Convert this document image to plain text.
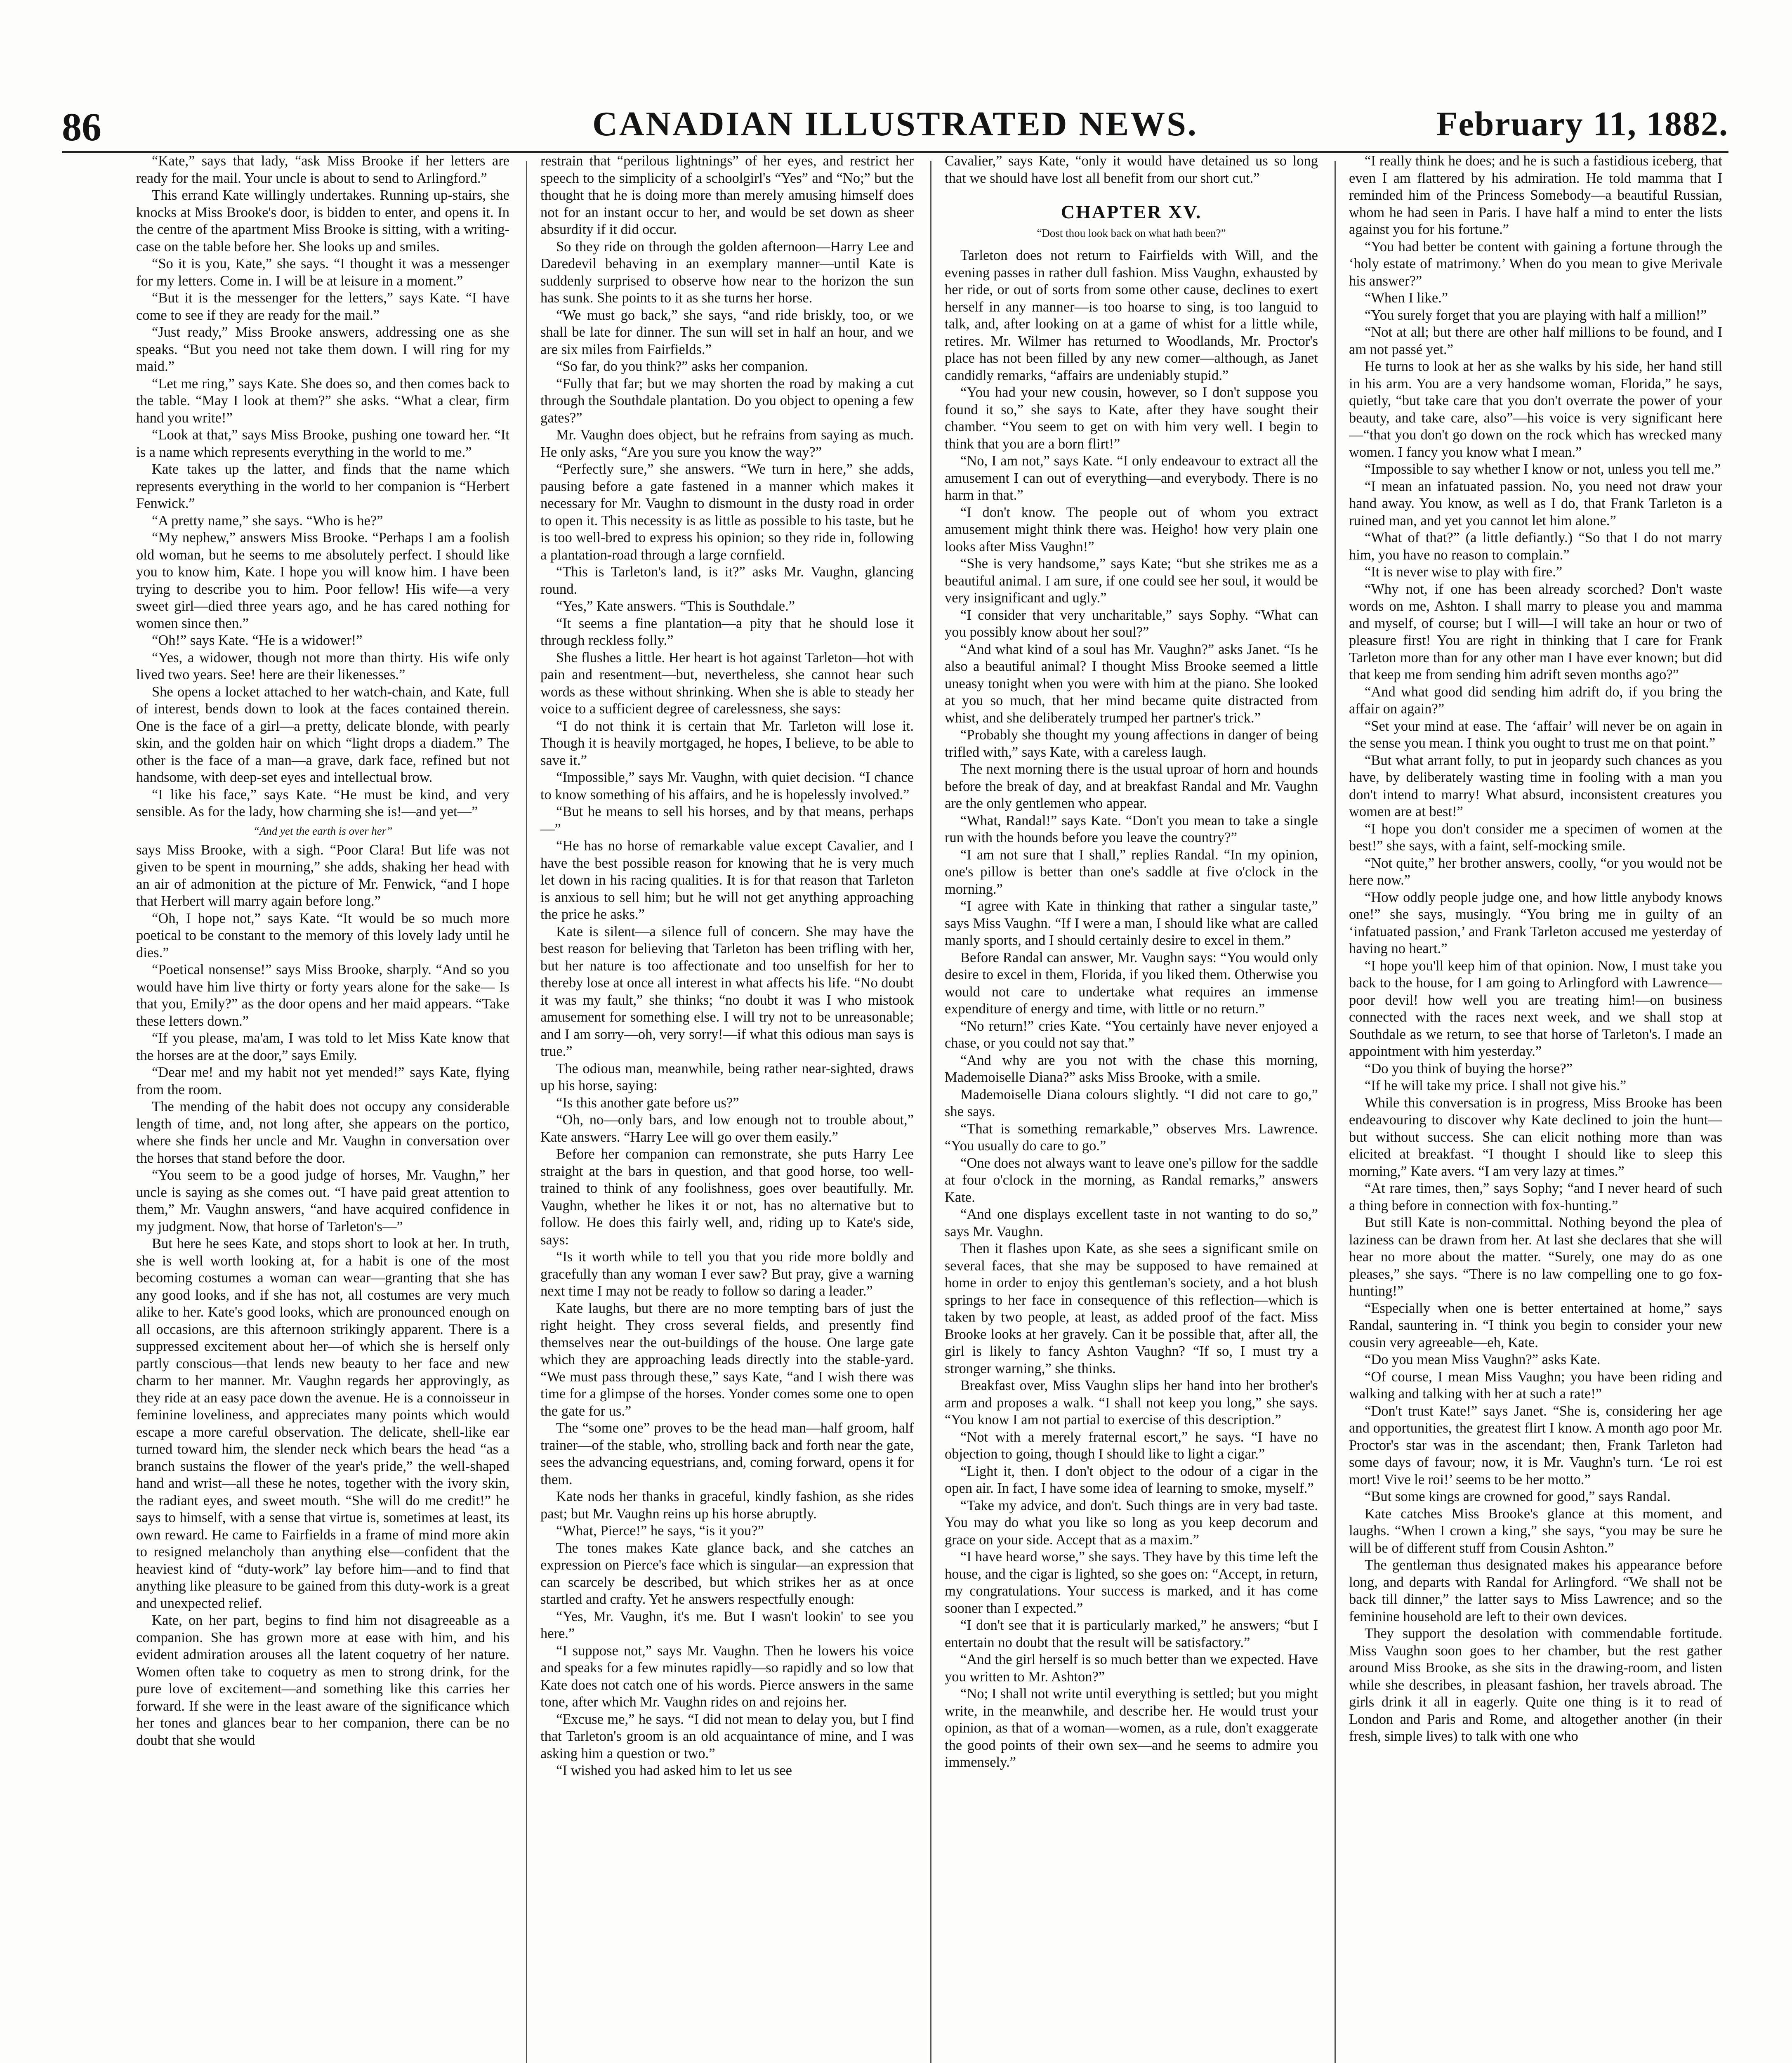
86	CANADIAN ILLUSTRATED NEWS.	February 11, 1882.

“Kate,” says that lady, “ask Miss Brooke if her letters are ready for the mail. Your uncle is about to send to Arlingford.”

This errand Kate willingly undertakes. Running up-stairs, she knocks at Miss Brooke's door, is bidden to enter, and opens it. In the centre of the apartment Miss Brooke is sitting, with a writing-case on the table before her. She looks up and smiles.

“So it is you, Kate,” she says. “I thought it was a messenger for my letters. Come in. I will be at leisure in a moment.”

“But it is the messenger for the letters,” says Kate. “I have come to see if they are ready for the mail.”

“Just ready,” Miss Brooke answers, addressing one as she speaks. “But you need not take them down. I will ring for my maid.”

“Let me ring,” says Kate. She does so, and then comes back to the table. “May I look at them?” she asks. “What a clear, firm hand you write!”

“Look at that,” says Miss Brooke, pushing one toward her. “It is a name which represents everything in the world to me.”

Kate takes up the latter, and finds that the name which represents everything in the world to her companion is “Herbert Fenwick.”

“A pretty name,” she says. “Who is he?”

“My nephew,” answers Miss Brooke. “Perhaps I am a foolish old woman, but he seems to me absolutely perfect. I should like you to know him, Kate. I hope you will know him. I have been trying to describe you to him. Poor fellow! His wife—a very sweet girl—died three years ago, and he has cared nothing for women since then.”

“Oh!” says Kate. “He is a widower!”

“Yes, a widower, though not more than thirty. His wife only lived two years. See! here are their likenesses.”

She opens a locket attached to her watch-chain, and Kate, full of interest, bends down to look at the faces contained therein. One is the face of a girl—a pretty, delicate blonde, with pearly skin, and the golden hair on which “light drops a diadem.” The other is the face of a man—a grave, dark face, refined but not handsome, with deep-set eyes and intellectual brow.

“I like his face,” says Kate. “He must be kind, and very sensible. As for the lady, how charming she is!—and yet—”

“And yet the earth is over her”

says Miss Brooke, with a sigh. “Poor Clara! But life was not given to be spent in mourning,” she adds, shaking her head with an air of admonition at the picture of Mr. Fenwick, “and I hope that Herbert will marry again before long.”

“Oh, I hope not,” says Kate. “It would be so much more poetical to be constant to the memory of this lovely lady until he dies.”

“Poetical nonsense!” says Miss Brooke, sharply. “And so you would have him live thirty or forty years alone for the sake— Is that you, Emily?” as the door opens and her maid appears. “Take these letters down.”

“If you please, ma'am, I was told to let Miss Kate know that the horses are at the door,” says Emily.

“Dear me! and my habit not yet mended!” says Kate, flying from the room.

The mending of the habit does not occupy any considerable length of time, and, not long after, she appears on the portico, where she finds her uncle and Mr. Vaughn in conversation over the horses that stand before the door.

“You seem to be a good judge of horses, Mr. Vaughn,” her uncle is saying as she comes out. “I have paid great attention to them,” Mr. Vaughn answers, “and have acquired confidence in my judgment. Now, that horse of Tarleton's—”

But here he sees Kate, and stops short to look at her. In truth, she is well worth looking at, for a habit is one of the most becoming costumes a woman can wear—granting that she has any good looks, and if she has not, all costumes are very much alike to her. Kate's good looks, which are pronounced enough on all occasions, are this afternoon strikingly apparent. There is a suppressed excitement about her—of which she is herself only partly conscious—that lends new beauty to her face and new charm to her manner. Mr. Vaughn regards her approvingly, as they ride at an easy pace down the avenue. He is a connoisseur in feminine loveliness, and appreciates many points which would escape a more careful observation. The delicate, shell-like ear turned toward him, the slender neck which bears the head “as a branch sustains the flower of the year's pride,” the well-shaped hand and wrist—all these he notes, together with the ivory skin, the radiant eyes, and sweet mouth. “She will do me credit!” he says to himself, with a sense that virtue is, sometimes at least, its own reward. He came to Fairfields in a frame of mind more akin to resigned melancholy than anything else—confident that the heaviest kind of “duty-work” lay before him—and to find that anything like pleasure to be gained from this duty-work is a great and unexpected relief.

Kate, on her part, begins to find him not disagreeable as a companion. She has grown more at ease with him, and his evident admiration arouses all the latent coquetry of her nature. Women often take to coquetry as men to strong drink, for the pure love of excitement—and something like this carries her forward. If she were in the least aware of the significance which her tones and glances bear to her companion, there can be no doubt that she would

restrain that “perilous lightnings” of her eyes, and restrict her speech to the simplicity of a schoolgirl's “Yes” and “No;” but the thought that he is doing more than merely amusing himself does not for an instant occur to her, and would be set down as sheer absurdity if it did occur.

So they ride on through the golden afternoon—Harry Lee and Daredevil behaving in an exemplary manner—until Kate is suddenly surprised to observe how near to the horizon the sun has sunk. She points to it as she turns her horse.

“We must go back,” she says, “and ride briskly, too, or we shall be late for dinner. The sun will set in half an hour, and we are six miles from Fairfields.”

“So far, do you think?” asks her companion.

“Fully that far; but we may shorten the road by making a cut through the Southdale plantation. Do you object to opening a few gates?”

Mr. Vaughn does object, but he refrains from saying as much. He only asks, “Are you sure you know the way?”

“Perfectly sure,” she answers. “We turn in here,” she adds, pausing before a gate fastened in a manner which makes it necessary for Mr. Vaughn to dismount in the dusty road in order to open it. This necessity is as little as possible to his taste, but he is too well-bred to express his opinion; so they ride in, following a plantation-road through a large cornfield.

“This is Tarleton's land, is it?” asks Mr. Vaughn, glancing round.

“Yes,” Kate answers. “This is Southdale.”

“It seems a fine plantation—a pity that he should lose it through reckless folly.”

She flushes a little. Her heart is hot against Tarleton—hot with pain and resentment—but, nevertheless, she cannot hear such words as these without shrinking. When she is able to steady her voice to a sufficient degree of carelessness, she says:

“I do not think it is certain that Mr. Tarleton will lose it. Though it is heavily mortgaged, he hopes, I believe, to be able to save it.”

“Impossible,” says Mr. Vaughn, with quiet decision. “I chance to know something of his affairs, and he is hopelessly involved.”

“But he means to sell his horses, and by that means, perhaps—”

“He has no horse of remarkable value except Cavalier, and I have the best possible reason for knowing that he is very much let down in his racing qualities. It is for that reason that Tarleton is anxious to sell him; but he will not get anything approaching the price he asks.”

Kate is silent—a silence full of concern. She may have the best reason for believing that Tarleton has been trifling with her, but her nature is too affectionate and too unselfish for her to thereby lose at once all interest in what affects his life. “No doubt it was my fault,” she thinks; “no doubt it was I who mistook amusement for something else. I will try not to be unreasonable; and I am sorry—oh, very sorry!—if what this odious man says is true.”

The odious man, meanwhile, being rather near-sighted, draws up his horse, saying:

“Is this another gate before us?”

“Oh, no—only bars, and low enough not to trouble about,” Kate answers. “Harry Lee will go over them easily.”

Before her companion can remonstrate, she puts Harry Lee straight at the bars in question, and that good horse, too well-trained to think of any foolishness, goes over beautifully. Mr. Vaughn, whether he likes it or not, has no alternative but to follow. He does this fairly well, and, riding up to Kate's side, says:

“Is it worth while to tell you that you ride more boldly and gracefully than any woman I ever saw? But pray, give a warning next time I may not be ready to follow so daring a leader.”

Kate laughs, but there are no more tempting bars of just the right height. They cross several fields, and presently find themselves near the out-buildings of the house. One large gate which they are approaching leads directly into the stable-yard. “We must pass through these,” says Kate, “and I wish there was time for a glimpse of the horses. Yonder comes some one to open the gate for us.”

The “some one” proves to be the head man—half groom, half trainer—of the stable, who, strolling back and forth near the gate, sees the advancing equestrians, and, coming forward, opens it for them.

Kate nods her thanks in graceful, kindly fashion, as she rides past; but Mr. Vaughn reins up his horse abruptly.

“What, Pierce!” he says, “is it you?”

The tones makes Kate glance back, and she catches an expression on Pierce's face which is singular—an expression that can scarcely be described, but which strikes her as at once startled and crafty. Yet he answers respectfully enough:

“Yes, Mr. Vaughn, it's me. But I wasn't lookin' to see you here.”

“I suppose not,” says Mr. Vaughn. Then he lowers his voice and speaks for a few minutes rapidly—so rapidly and so low that Kate does not catch one of his words. Pierce answers in the same tone, after which Mr. Vaughn rides on and rejoins her.

“Excuse me,” he says. “I did not mean to delay you, but I find that Tarleton's groom is an old acquaintance of mine, and I was asking him a question or two.”

“I wished you had asked him to let us see

Cavalier,” says Kate, “only it would have detained us so long that we should have lost all benefit from our short cut.”

CHAPTER XV.

“Dost thou look back on what hath been?”

Tarleton does not return to Fairfields with Will, and the evening passes in rather dull fashion. Miss Vaughn, exhausted by her ride, or out of sorts from some other cause, declines to exert herself in any manner—is too hoarse to sing, is too languid to talk, and, after looking on at a game of whist for a little while, retires. Mr. Wilmer has returned to Woodlands, Mr. Proctor's place has not been filled by any new comer—although, as Janet candidly remarks, “affairs are undeniably stupid.”

“You had your new cousin, however, so I don't suppose you found it so,” she says to Kate, after they have sought their chamber. “You seem to get on with him very well. I begin to think that you are a born flirt!”

“No, I am not,” says Kate. “I only endeavour to extract all the amusement I can out of everything—and everybody. There is no harm in that.”

“I don't know. The people out of whom you extract amusement might think there was. Heigho! how very plain one looks after Miss Vaughn!”

“She is very handsome,” says Kate; “but she strikes me as a beautiful animal. I am sure, if one could see her soul, it would be very insignificant and ugly.”

“I consider that very uncharitable,” says Sophy. “What can you possibly know about her soul?”

“And what kind of a soul has Mr. Vaughn?” asks Janet. “Is he also a beautiful animal? I thought Miss Brooke seemed a little uneasy tonight when you were with him at the piano. She looked at you so much, that her mind became quite distracted from whist, and she deliberately trumped her partner's trick.”

“Probably she thought my young affections in danger of being trifled with,” says Kate, with a careless laugh.

The next morning there is the usual uproar of horn and hounds before the break of day, and at breakfast Randal and Mr. Vaughn are the only gentlemen who appear.

“What, Randal!” says Kate. “Don't you mean to take a single run with the hounds before you leave the country?”

“I am not sure that I shall,” replies Randal. “In my opinion, one's pillow is better than one's saddle at five o'clock in the morning.”

“I agree with Kate in thinking that rather a singular taste,” says Miss Vaughn. “If I were a man, I should like what are called manly sports, and I should certainly desire to excel in them.”

Before Randal can answer, Mr. Vaughn says: “You would only desire to excel in them, Florida, if you liked them. Otherwise you would not care to undertake what requires an immense expenditure of energy and time, with little or no return.”

“No return!” cries Kate. “You certainly have never enjoyed a chase, or you could not say that.”

“And why are you not with the chase this morning, Mademoiselle Diana?” asks Miss Brooke, with a smile.

Mademoiselle Diana colours slightly. “I did not care to go,” she says.

“That is something remarkable,” observes Mrs. Lawrence. “You usually do care to go.”

“One does not always want to leave one's pillow for the saddle at four o'clock in the morning, as Randal remarks,” answers Kate.

“And one displays excellent taste in not wanting to do so,” says Mr. Vaughn.

Then it flashes upon Kate, as she sees a significant smile on several faces, that she may be supposed to have remained at home in order to enjoy this gentleman's society, and a hot blush springs to her face in consequence of this reflection—which is taken by two people, at least, as added proof of the fact. Miss Brooke looks at her gravely. Can it be possible that, after all, the girl is likely to fancy Ashton Vaughn? “If so, I must try a stronger warning,” she thinks.

Breakfast over, Miss Vaughn slips her hand into her brother's arm and proposes a walk. “I shall not keep you long,” she says. “You know I am not partial to exercise of this description.”

“Not with a merely fraternal escort,” he says. “I have no objection to going, though I should like to light a cigar.”

“Light it, then. I don't object to the odour of a cigar in the open air. In fact, I have some idea of learning to smoke, myself.”

“Take my advice, and don't. Such things are in very bad taste. You may do what you like so long as you keep decorum and grace on your side. Accept that as a maxim.”

“I have heard worse,” she says. They have by this time left the house, and the cigar is lighted, so she goes on: “Accept, in return, my congratulations. Your success is marked, and it has come sooner than I expected.”

“I don't see that it is particularly marked,” he answers; “but I entertain no doubt that the result will be satisfactory.”

“And the girl herself is so much better than we expected. Have you written to Mr. Ashton?”

“No; I shall not write until everything is settled; but you might write, in the meanwhile, and describe her. He would trust your opinion, as that of a woman—women, as a rule, don't exaggerate the good points of their own sex—and he seems to admire you immensely.”

“I really think he does; and he is such a fastidious iceberg, that even I am flattered by his admiration. He told mamma that I reminded him of the Princess Somebody—a beautiful Russian, whom he had seen in Paris. I have half a mind to enter the lists against you for his fortune.”

“You had better be content with gaining a fortune through the ‘holy estate of matrimony.’ When do you mean to give Merivale his answer?”

“When I like.”

“You surely forget that you are playing with half a million!”

“Not at all; but there are other half millions to be found, and I am not passé yet.”

He turns to look at her as she walks by his side, her hand still in his arm. You are a very handsome woman, Florida,” he says, quietly, “but take care that you don't overrate the power of your beauty, and take care, also”—his voice is very significant here—“that you don't go down on the rock which has wrecked many women. I fancy you know what I mean.”

“Impossible to say whether I know or not, unless you tell me.”

“I mean an infatuated passion. No, you need not draw your hand away. You know, as well as I do, that Frank Tarleton is a ruined man, and yet you cannot let him alone.”

“What of that?” (a little defiantly.) “So that I do not marry him, you have no reason to complain.”

“It is never wise to play with fire.”

“Why not, if one has been already scorched? Don't waste words on me, Ashton. I shall marry to please you and mamma and myself, of course; but I will—I will take an hour or two of pleasure first! You are right in thinking that I care for Frank Tarleton more than for any other man I have ever known; but did that keep me from sending him adrift seven months ago?”

“And what good did sending him adrift do, if you bring the affair on again?”

“Set your mind at ease. The ‘affair’ will never be on again in the sense you mean. I think you ought to trust me on that point.”

“But what arrant folly, to put in jeopardy such chances as you have, by deliberately wasting time in fooling with a man you don't intend to marry! What absurd, inconsistent creatures you women are at best!”

“I hope you don't consider me a specimen of women at the best!” she says, with a faint, self-mocking smile.

“Not quite,” her brother answers, coolly, “or you would not be here now.”

“How oddly people judge one, and how little anybody knows one!” she says, musingly. “You bring me in guilty of an ‘infatuated passion,’ and Frank Tarleton accused me yesterday of having no heart.”

“I hope you'll keep him of that opinion. Now, I must take you back to the house, for I am going to Arlingford with Lawrence—poor devil! how well you are treating him!—on business connected with the races next week, and we shall stop at Southdale as we return, to see that horse of Tarleton's. I made an appointment with him yesterday.”

“Do you think of buying the horse?”

“If he will take my price. I shall not give his.”

While this conversation is in progress, Miss Brooke has been endeavouring to discover why Kate declined to join the hunt—but without success. She can elicit nothing more than was elicited at breakfast. “I thought I should like to sleep this morning,” Kate avers. “I am very lazy at times.”

“At rare times, then,” says Sophy; “and I never heard of such a thing before in connection with fox-hunting.”

But still Kate is non-committal. Nothing beyond the plea of laziness can be drawn from her. At last she declares that she will hear no more about the matter. “Surely, one may do as one pleases,” she says. “There is no law compelling one to go fox-hunting!”

“Especially when one is better entertained at home,” says Randal, sauntering in. “I think you begin to consider your new cousin very agreeable—eh, Kate.

“Do you mean Miss Vaughn?” asks Kate.

“Of course, I mean Miss Vaughn; you have been riding and walking and talking with her at such a rate!”

“Don't trust Kate!” says Janet. “She is, considering her age and opportunities, the greatest flirt I know. A month ago poor Mr. Proctor's star was in the ascendant; then, Frank Tarleton had some days of favour; now, it is Mr. Vaughn's turn. ‘Le roi est mort! Vive le roi!’ seems to be her motto.”

“But some kings are crowned for good,” says Randal.

Kate catches Miss Brooke's glance at this moment, and laughs. “When I crown a king,” she says, “you may be sure he will be of different stuff from Cousin Ashton.”

The gentleman thus designated makes his appearance before long, and departs with Randal for Arlingford. “We shall not be back till dinner,” the latter says to Miss Lawrence; and so the feminine household are left to their own devices.

They support the desolation with commendable fortitude. Miss Vaughn soon goes to her chamber, but the rest gather around Miss Brooke, as she sits in the drawing-room, and listen while she describes, in pleasant fashion, her travels abroad. The girls drink it all in eagerly. Quite one thing is it to read of London and Paris and Rome, and altogether another (in their fresh, simple lives) to talk with one who
